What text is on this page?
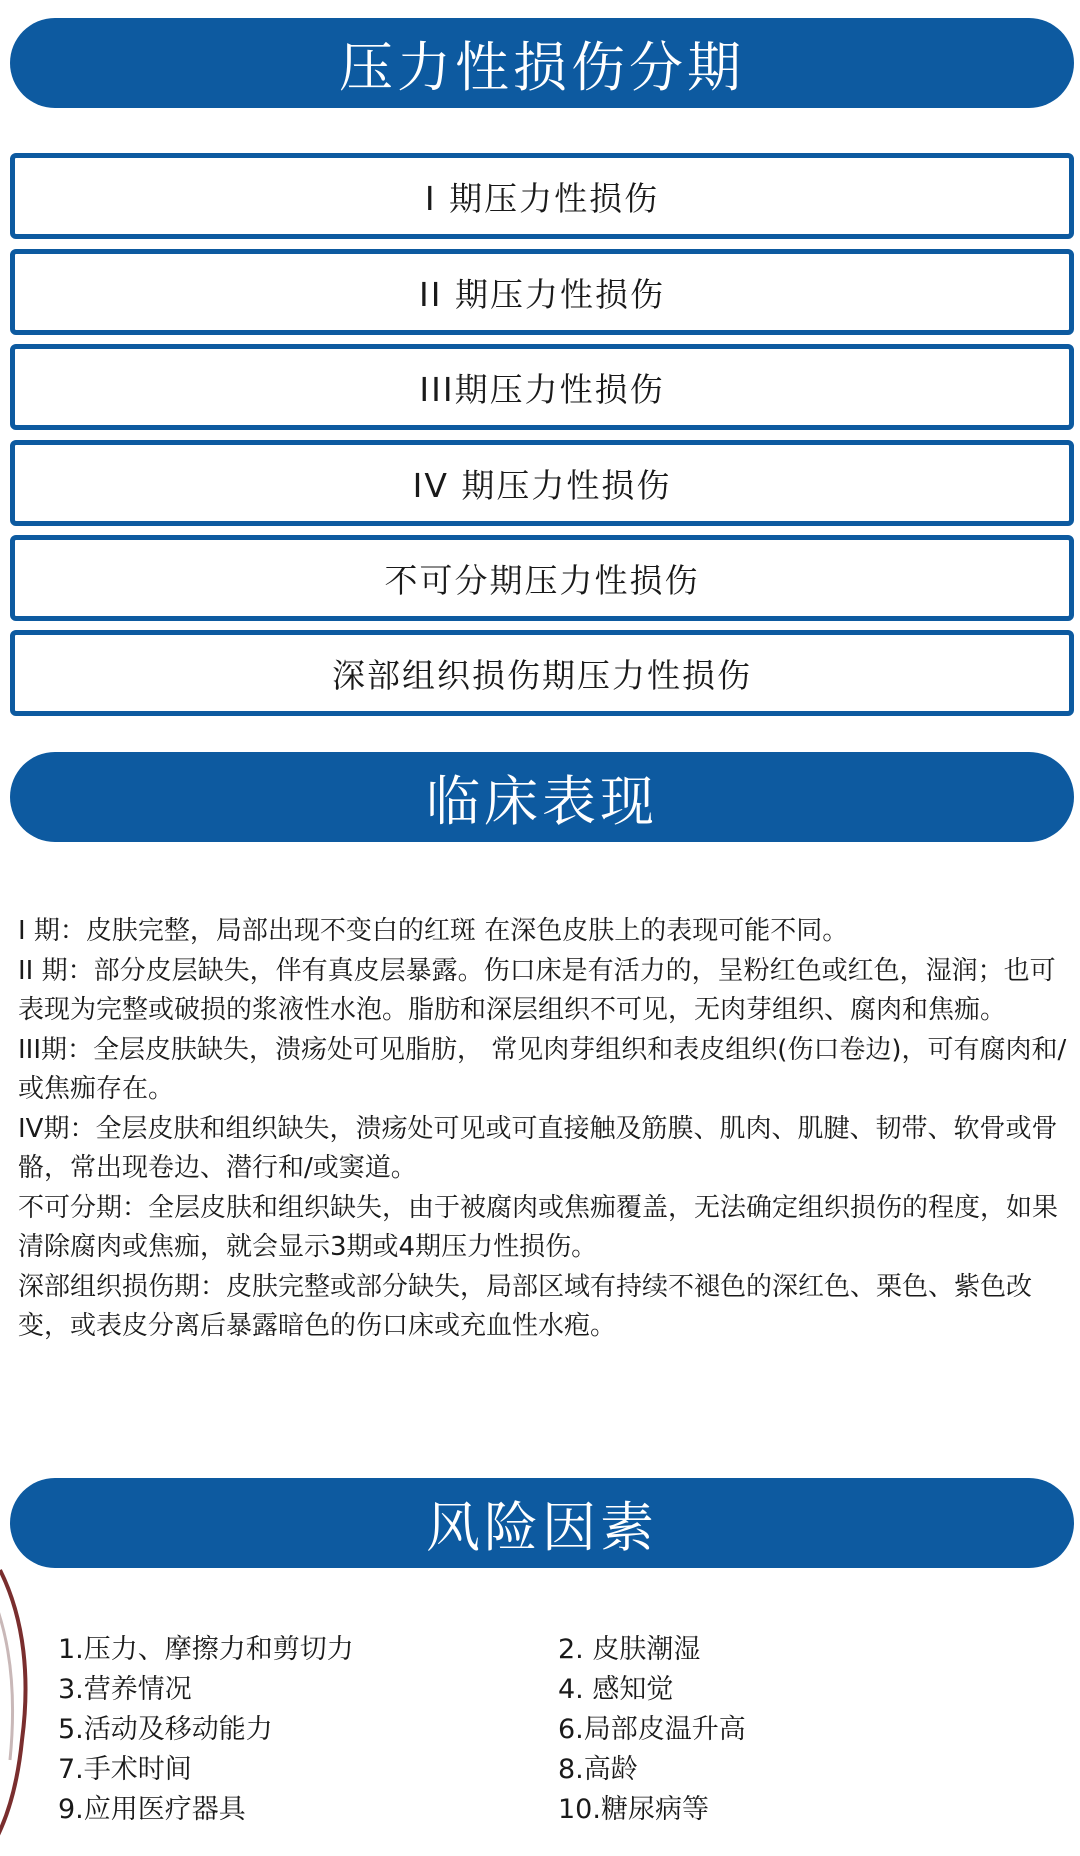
压力性损伤分期
I 期压力性损伤
II 期压力性损伤
III期压力性损伤
IV 期压力性损伤
不可分期压力性损伤
深部组织损伤期压力性损伤
临床表现

I 期：皮肤完整，局部出现不变白的红斑 在深色皮肤上的表现可能不同。

II 期：部分皮层缺失，伴有真皮层暴露。伤口床是有活力的，呈粉红色或红色，湿润；也可表现为完整或破损的浆液性水泡。脂肪和深层组织不可见，无肉芽组织、腐肉和焦痂。

III期：全层皮肤缺失，溃疡处可见脂肪， 常见肉芽组织和表皮组织(伤口卷边)，可有腐肉和/或焦痂存在。

IV期：全层皮肤和组织缺失，溃疡处可见或可直接触及筋膜、肌肉、肌腱、韧带、软骨或骨骼，常出现卷边、潜行和/或窦道。

不可分期：全层皮肤和组织缺失，由于被腐肉或焦痂覆盖，无法确定组织损伤的程度，如果清除腐肉或焦痂，就会显示3期或4期压力性损伤。

深部组织损伤期：皮肤完整或部分缺失，局部区域有持续不褪色的深红色、栗色、紫色改变，或表皮分离后暴露暗色的伤口床或充血性水疱。

风险因素
1.压力、摩擦力和剪切力	2. 皮肤潮湿
3.营养情况	4. 感知觉
5.活动及移动能力	6.局部皮温升高
7.手术时间	8.高龄
9.应用医疗器具	10.糖尿病等
